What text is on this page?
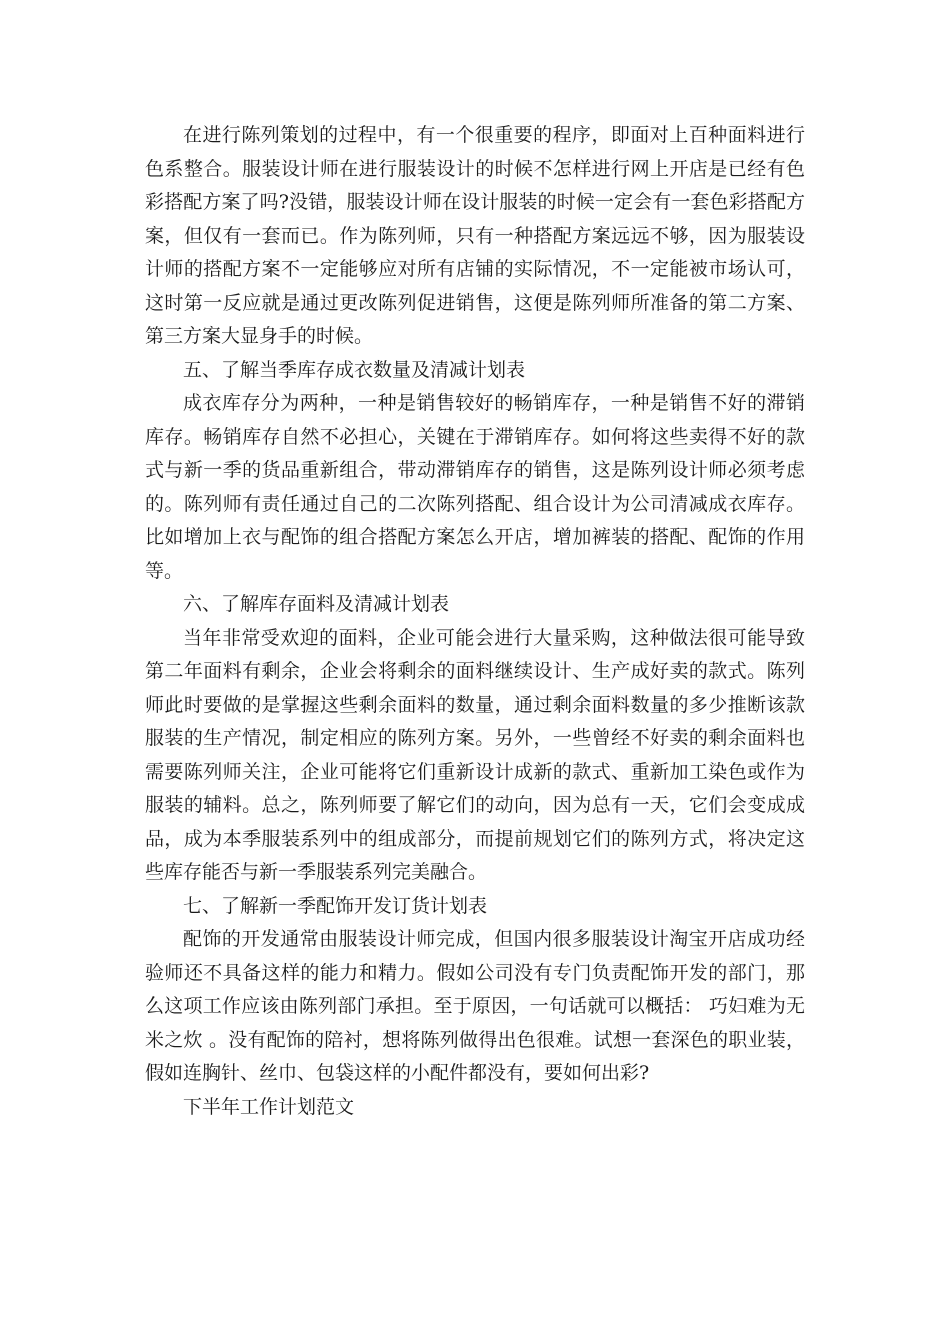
在进行陈列策划的过程中，有一个很重要的程序，即面对上百种面料进行色系整合。服装设计师在进行服装设计的时候不怎样进行网上开店是已经有色彩搭配方案了吗?没错，服装设计师在设计服装的时候一定会有一套色彩搭配方案，但仅有一套而已。作为陈列师，只有一种搭配方案远远不够，因为服装设计师的搭配方案不一定能够应对所有店铺的实际情况，不一定能被市场认可，这时第一反应就是通过更改陈列促进销售，这便是陈列师所准备的第二方案、第三方案大显身手的时候。

五、了解当季库存成衣数量及清减计划表

成衣库存分为两种，一种是销售较好的畅销库存，一种是销售不好的滞销库存。畅销库存自然不必担心，关键在于滞销库存。如何将这些卖得不好的款式与新一季的货品重新组合，带动滞销库存的销售，这是陈列设计师必须考虑的。陈列师有责任通过自己的二次陈列搭配、组合设计为公司清减成衣库存。比如增加上衣与配饰的组合搭配方案怎么开店，增加裤装的搭配、配饰的作用等。

六、了解库存面料及清减计划表

当年非常受欢迎的面料，企业可能会进行大量采购，这种做法很可能导致第二年面料有剩余，企业会将剩余的面料继续设计、生产成好卖的款式。陈列师此时要做的是掌握这些剩余面料的数量，通过剩余面料数量的多少推断该款服装的生产情况，制定相应的陈列方案。另外，一些曾经不好卖的剩余面料也需要陈列师关注，企业可能将它们重新设计成新的款式、重新加工染色或作为服装的辅料。总之，陈列师要了解它们的动向，因为总有一天，它们会变成成品，成为本季服装系列中的组成部分，而提前规划它们的陈列方式，将决定这些库存能否与新一季服装系列完美融合。

七、了解新一季配饰开发订货计划表

配饰的开发通常由服装设计师完成，但国内很多服装设计淘宝开店成功经验师还不具备这样的能力和精力。假如公司没有专门负责配饰开发的部门，那么这项工作应该由陈列部门承担。至于原因，一句话就可以概括： 巧妇难为无米之炊 。没有配饰的陪衬，想将陈列做得出色很难。试想一套深色的职业装，假如连胸针、丝巾、包袋这样的小配件都没有，要如何出彩?

下半年工作计划范文
